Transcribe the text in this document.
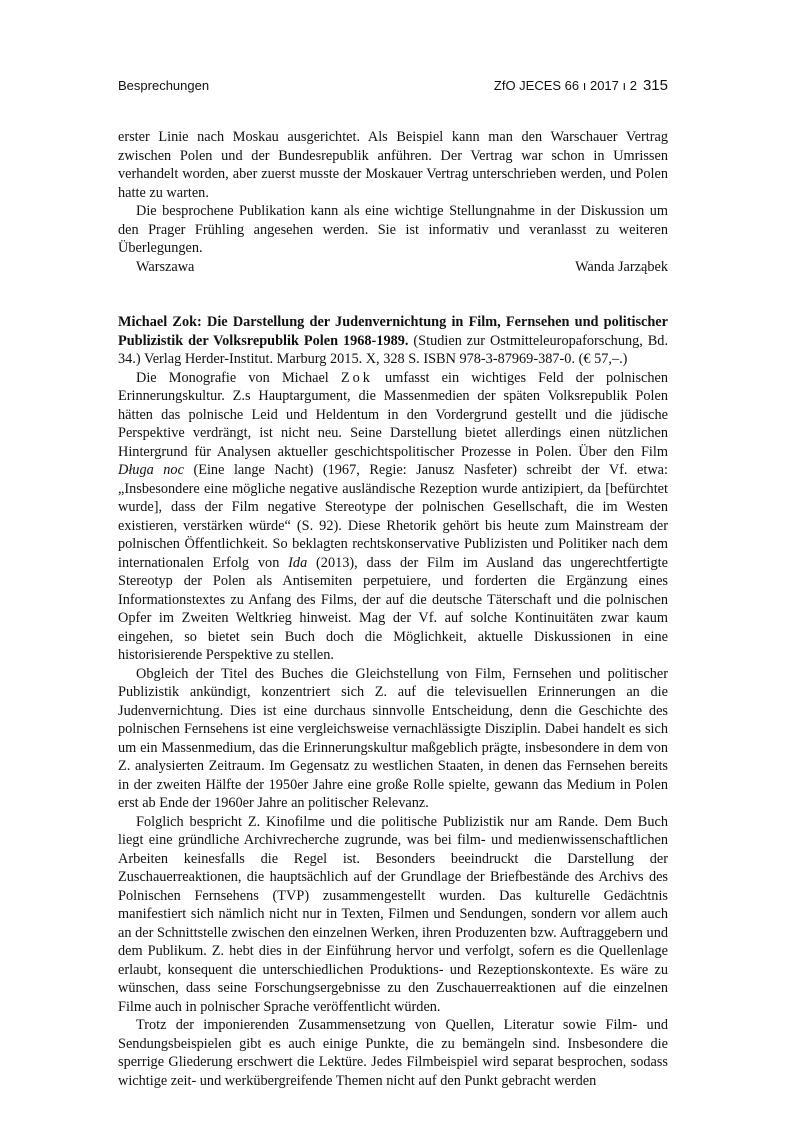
Besprechungen	ZfO JECES 66 ı 2017 ı 2 315

erster Linie nach Moskau ausgerichtet. Als Beispiel kann man den Warschauer Vertrag zwischen Polen und der Bundesrepublik anführen. Der Vertrag war schon in Umrissen verhandelt worden, aber zuerst musste der Moskauer Vertrag unterschrieben werden, und Polen hatte zu warten.

Die besprochene Publikation kann als eine wichtige Stellungnahme in der Diskussion um den Prager Frühling angesehen werden. Sie ist informativ und veranlasst zu weiteren Überlegungen.

Warszawa	Wanda Jarząbek

Michael Zok: Die Darstellung der Judenvernichtung in Film, Fernsehen und politischer Publizistik der Volksrepublik Polen 1968-1989. (Studien zur Ostmitteleuropaforschung, Bd. 34.) Verlag Herder-Institut. Marburg 2015. X, 328 S. ISBN 978-3-87969-387-0. (€ 57,–.)

Die Monografie von Michael Zok umfasst ein wichtiges Feld der polnischen Erinnerungskultur. Z.s Hauptargument, die Massenmedien der späten Volksrepublik Polen hätten das polnische Leid und Heldentum in den Vordergrund gestellt und die jüdische Perspektive verdrängt, ist nicht neu. Seine Darstellung bietet allerdings einen nützlichen Hintergrund für Analysen aktueller geschichtspolitischer Prozesse in Polen. Über den Film Długa noc (Eine lange Nacht) (1967, Regie: Janusz Nasfeter) schreibt der Vf. etwa: „Insbesondere eine mögliche negative ausländische Rezeption wurde antizipiert, da [befürchtet wurde], dass der Film negative Stereotype der polnischen Gesellschaft, die im Westen existieren, verstärken würde“ (S. 92). Diese Rhetorik gehört bis heute zum Mainstream der polnischen Öffentlichkeit. So beklagten rechtskonservative Publizisten und Politiker nach dem internationalen Erfolg von Ida (2013), dass der Film im Ausland das ungerechtfertigte Stereotyp der Polen als Antisemiten perpetuiere, und forderten die Ergänzung eines Informationstextes zu Anfang des Films, der auf die deutsche Täterschaft und die polnischen Opfer im Zweiten Weltkrieg hinweist. Mag der Vf. auf solche Kontinuitäten zwar kaum eingehen, so bietet sein Buch doch die Möglichkeit, aktuelle Diskussionen in eine historisierende Perspektive zu stellen.

Obgleich der Titel des Buches die Gleichstellung von Film, Fernsehen und politischer Publizistik ankündigt, konzentriert sich Z. auf die televisuellen Erinnerungen an die Judenvernichtung. Dies ist eine durchaus sinnvolle Entscheidung, denn die Geschichte des polnischen Fernsehens ist eine vergleichsweise vernachlässigte Disziplin. Dabei handelt es sich um ein Massenmedium, das die Erinnerungskultur maßgeblich prägte, insbesondere in dem von Z. analysierten Zeitraum. Im Gegensatz zu westlichen Staaten, in denen das Fernsehen bereits in der zweiten Hälfte der 1950er Jahre eine große Rolle spielte, gewann das Medium in Polen erst ab Ende der 1960er Jahre an politischer Relevanz.

Folglich bespricht Z. Kinofilme und die politische Publizistik nur am Rande. Dem Buch liegt eine gründliche Archivrecherche zugrunde, was bei film- und medienwissenschaftlichen Arbeiten keinesfalls die Regel ist. Besonders beeindruckt die Darstellung der Zuschauerreaktionen, die hauptsächlich auf der Grundlage der Briefbestände des Archivs des Polnischen Fernsehens (TVP) zusammengestellt wurden. Das kulturelle Gedächtnis manifestiert sich nämlich nicht nur in Texten, Filmen und Sendungen, sondern vor allem auch an der Schnittstelle zwischen den einzelnen Werken, ihren Produzenten bzw. Auftraggebern und dem Publikum. Z. hebt dies in der Einführung hervor und verfolgt, sofern es die Quellenlage erlaubt, konsequent die unterschiedlichen Produktions- und Rezeptionskontexte. Es wäre zu wünschen, dass seine Forschungsergebnisse zu den Zuschauerreaktionen auf die einzelnen Filme auch in polnischer Sprache veröffentlicht würden.

Trotz der imponierenden Zusammensetzung von Quellen, Literatur sowie Film- und Sendungsbeispielen gibt es auch einige Punkte, die zu bemängeln sind. Insbesondere die sperrige Gliederung erschwert die Lektüre. Jedes Filmbeispiel wird separat besprochen, sodass wichtige zeit- und werkübergreifende Themen nicht auf den Punkt gebracht werden
